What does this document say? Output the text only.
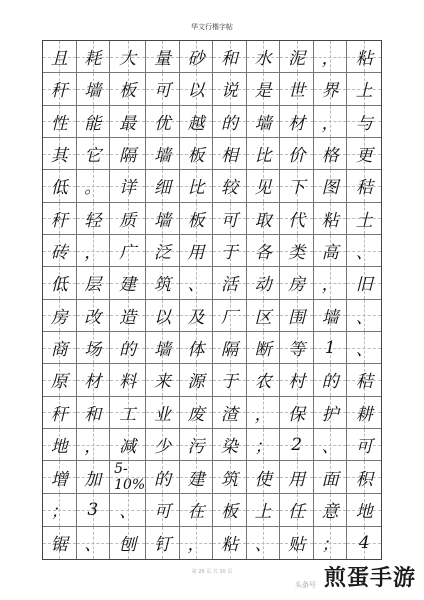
华文行楷字帖
且 耗 大 量 砂 和 水 泥 ， 粘
秆 墙 板 可 以 说 是 世 界 上
性 能 最 优 越 的 墙 材 ， 与
其 它 隔 墙 板 相 比 价 格 更
低 。 详 细 比 较 见 下 图 秸
秆 轻 质 墙 板 可 取 代 粘 土
砖 ， 广 泛 用 于 各 类 高 、
低 层 建 筑 、 活 动 房 ， 旧
房 改 造 以 及 厂 区 围 墙 、
商 场 的 墙 体 隔 断 等 1 、
原 材 料 来 源 于 农 村 的 秸
秆 和 工 业 废 渣 ， 保 护 耕
地 ， 减 少 污 染 ； 2 、 可
增 加
5-10% 的 建 筑 使 用 面 积
； 3 、 可 在 板 上 任 意 地
锯 、 刨 钉 ， 粘 、 贴 ； 4
第 26 页 共 30 页
头条号 煎蛋手游
